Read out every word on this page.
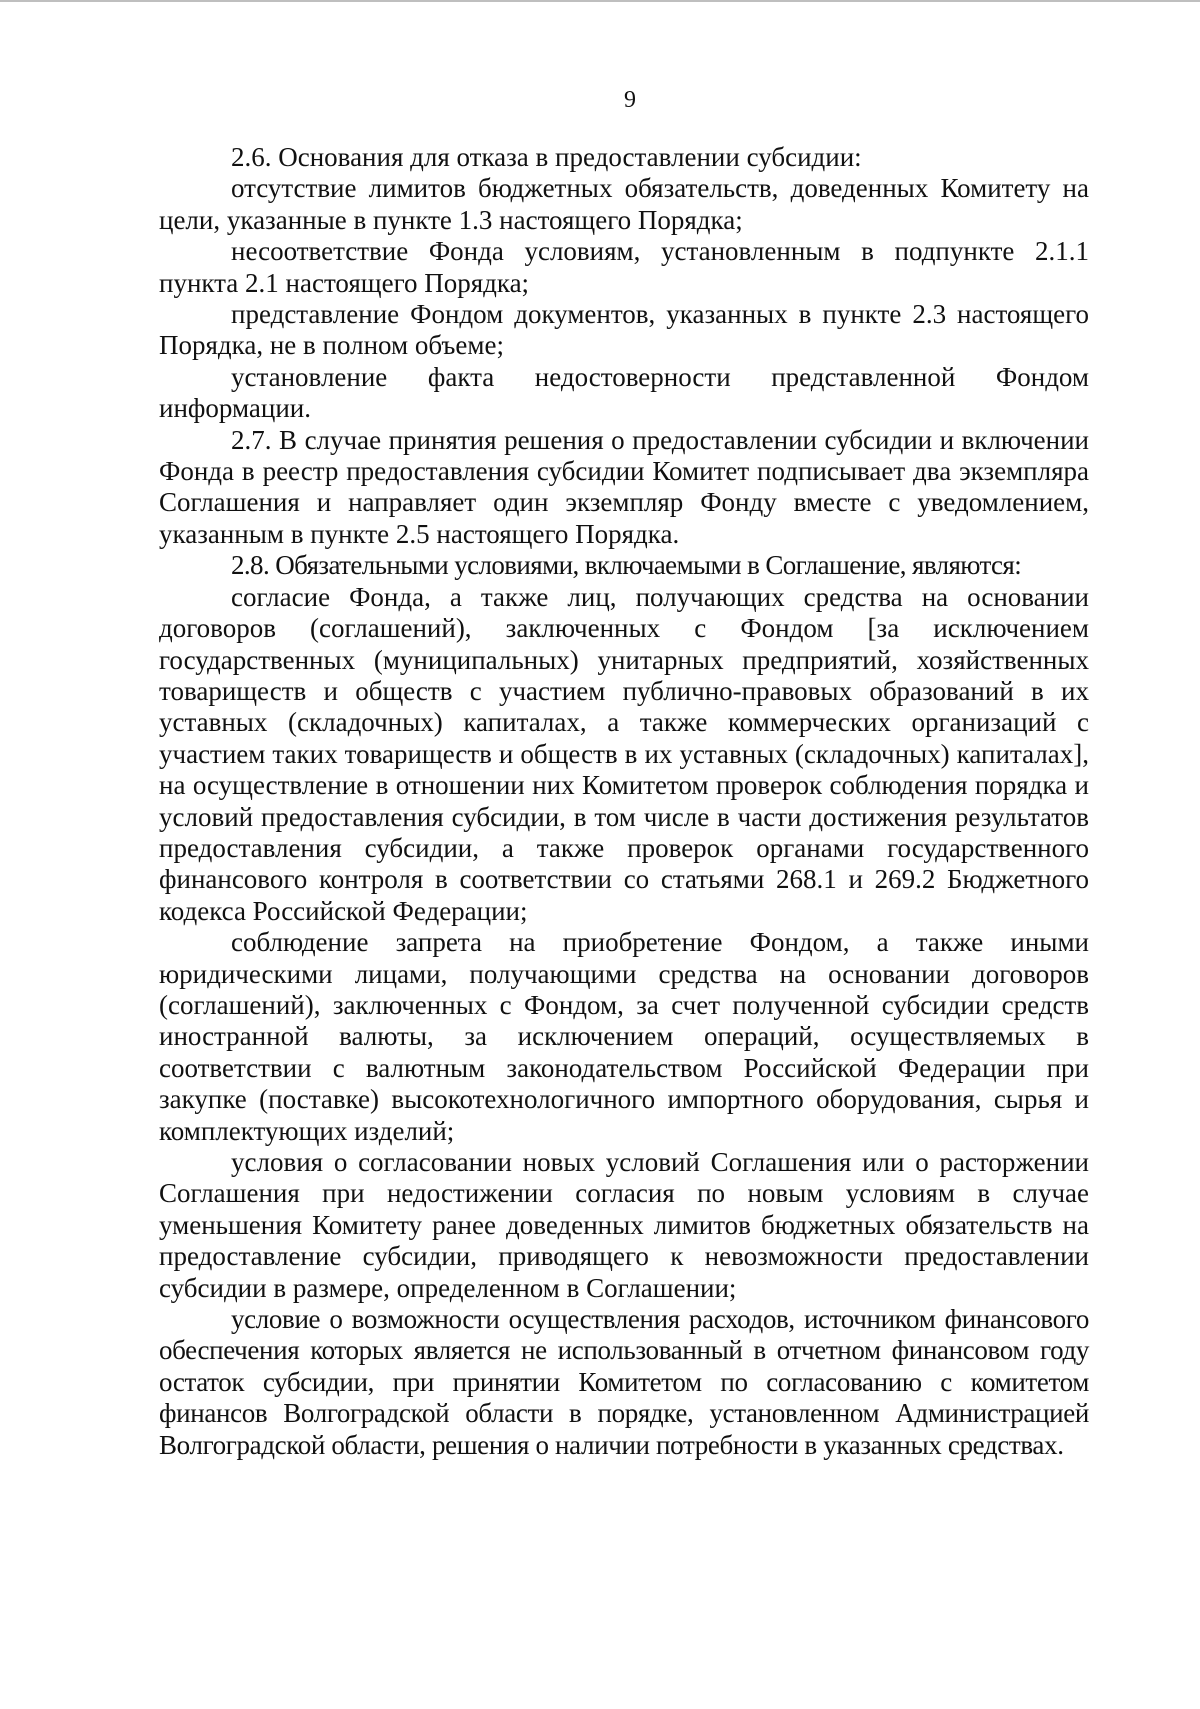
9

2.6. Основания для отказа в предоставлении субсидии:

отсутствие лимитов бюджетных обязательств, доведенных Комитету на цели, указанные в пункте 1.3 настоящего Порядка;

несоответствие Фонда условиям, установленным в подпункте 2.1.1 пункта 2.1 настоящего Порядка;

представление Фондом документов, указанных в пункте 2.3 настоящего Порядка, не в полном объеме;

установление факта недостоверности представленной Фондом информации.

2.7. В случае принятия решения о предоставлении субсидии и включении Фонда в реестр предоставления субсидии Комитет подписывает два экземпляра Соглашения и направляет один экземпляр Фонду вместе с уведомлением, указанным в пункте 2.5 настоящего Порядка.

2.8. Обязательными условиями, включаемыми в Соглашение, являются:

согласие Фонда, а также лиц, получающих средства на основании договоров (соглашений), заключенных с Фондом [за исключением государственных (муниципальных) унитарных предприятий, хозяйственных товариществ и обществ с участием публично-правовых образований в их уставных (складочных) капиталах, а также коммерческих организаций с участием таких товариществ и обществ в их уставных (складочных) капиталах], на осуществление в отношении них Комитетом проверок соблюдения порядка и условий предоставления субсидии, в том числе в части достижения результатов предоставления субсидии, а также проверок органами государственного финансового контроля в соответствии со статьями 268.1 и 269.2 Бюджетного кодекса Российской Федерации;

соблюдение запрета на приобретение Фондом, а также иными юридическими лицами, получающими средства на основании договоров (соглашений), заключенных с Фондом, за счет полученной субсидии средств иностранной валюты, за исключением операций, осуществляемых в соответствии с валютным законодательством Российской Федерации при закупке (поставке) высокотехнологичного импортного оборудования, сырья и комплектующих изделий;

условия о согласовании новых условий Соглашения или о расторжении Соглашения при недостижении согласия по новым условиям в случае уменьшения Комитету ранее доведенных лимитов бюджетных обязательств на предоставление субсидии, приводящего к невозможности предоставлении субсидии в размере, определенном в Соглашении;

условие о возможности осуществления расходов, источником финансового обеспечения которых является не использованный в отчетном финансовом году остаток субсидии, при принятии Комитетом по согласованию с комитетом финансов Волгоградской области в порядке, установленном Администрацией Волгоградской области, решения о наличии потребности в указанных средствах.
